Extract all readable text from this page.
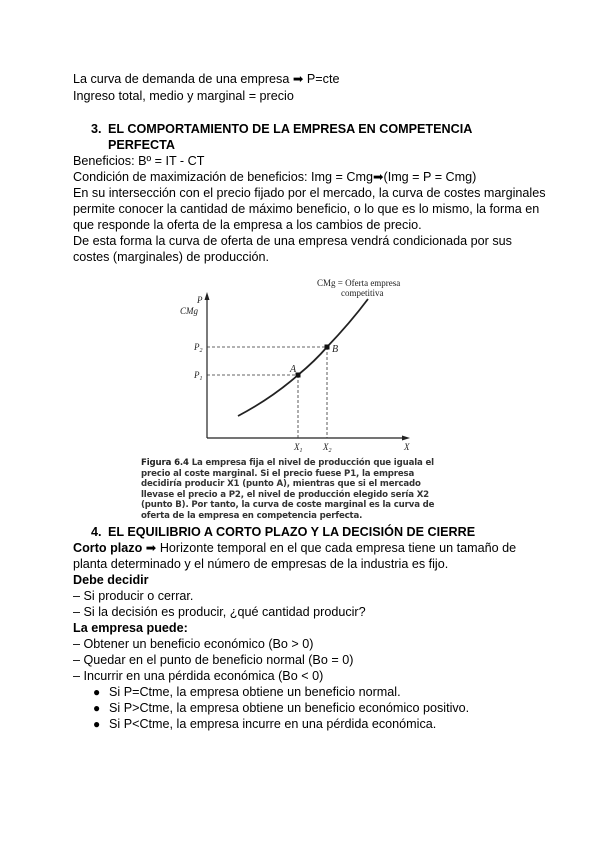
La curva de demanda de una empresa ➡ P=cte
Ingreso total, medio y marginal = precio
3. EL COMPORTAMIENTO DE LA EMPRESA EN COMPETENCIA
PERFECTA
Beneficios: Bº = IT - CT
Condición de maximización de beneficios: Img = Cmg➡(Img = P = Cmg)
En su intersección con el precio fijado por el mercado, la curva de costes marginales
permite conocer la cantidad de máximo beneficio, o lo que es lo mismo, la forma en
que responde la oferta de la empresa a los cambios de precio.
De esta forma la curva de oferta de una empresa vendrá condicionada por sus
costes (marginales) de producción.
A
B
P
CMg
$P_2$
$P_1$
$X_1$ $X_2$	X
CMg = Oferta empresa
competitiva
Figura 6.4 La empresa fija el nivel de producción que iguala el precio al coste marginal. Si el precio fuese P1, la empresa decidiría producir X1 (punto A), mientras que si el mercado llevase el precio a P2, el nivel de producción elegido sería X2 (punto B). Por tanto, la curva de coste marginal es la curva de oferta de la empresa en competencia perfecta.
4. EL EQUILIBRIO A CORTO PLAZO Y LA DECISIÓN DE CIERRE
Corto plazo ➡ Horizonte temporal en el que cada empresa tiene un tamaño de
planta determinado y el número de empresas de la industria es fijo.
Debe decidir
– Si producir o cerrar.
– Si la decisión es producir, ¿qué cantidad producir?
La empresa puede:
– Obtener un beneficio económico (Bo > 0)
– Quedar en el punto de beneficio normal (Bo = 0)
– Incurrir en una pérdida económica (Bo < 0)
● Si P=Ctme, la empresa obtiene un beneficio normal.
● Si P>Ctme, la empresa obtiene un beneficio económico positivo.
● Si P<Ctme, la empresa incurre en una pérdida económica.
